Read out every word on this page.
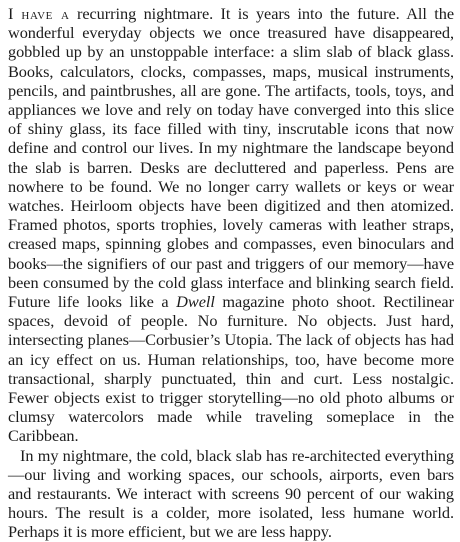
I have a recurring nightmare. It is years into the future. All the wonderful everyday objects we once treasured have disappeared, gobbled up by an unstoppable interface: a slim slab of black glass. Books, calculators, clocks, compasses, maps, musical instruments, pencils, and paintbrushes, all are gone. The artifacts, tools, toys, and appliances we love and rely on today have converged into this slice of shiny glass, its face filled with tiny, inscrutable icons that now define and control our lives. In my nightmare the landscape beyond the slab is barren. Desks are decluttered and paperless. Pens are nowhere to be found. We no longer carry wallets or keys or wear watches. Heirloom objects have been digitized and then atomized. Framed photos, sports trophies, lovely cameras with leather straps, creased maps, spinning globes and compasses, even binoculars and books—the signifiers of our past and triggers of our memory—have been consumed by the cold glass interface and blinking search field. Future life looks like a Dwell magazine photo shoot. Rectilinear spaces, devoid of people. No furniture. No objects. Just hard, intersecting planes—Corbusier’s Utopia. The lack of objects has had an icy effect on us. Human relationships, too, have become more transactional, sharply punctuated, thin and curt. Less nostalgic. Fewer objects exist to trigger storytelling—no old photo albums or clumsy watercolors made while traveling someplace in the Caribbean.

In my nightmare, the cold, black slab has re-architected everything—our living and working spaces, our schools, airports, even bars and restaurants. We interact with screens 90 percent of our waking hours. The result is a colder, more isolated, less humane world. Perhaps it is more efficient, but we are less happy.
